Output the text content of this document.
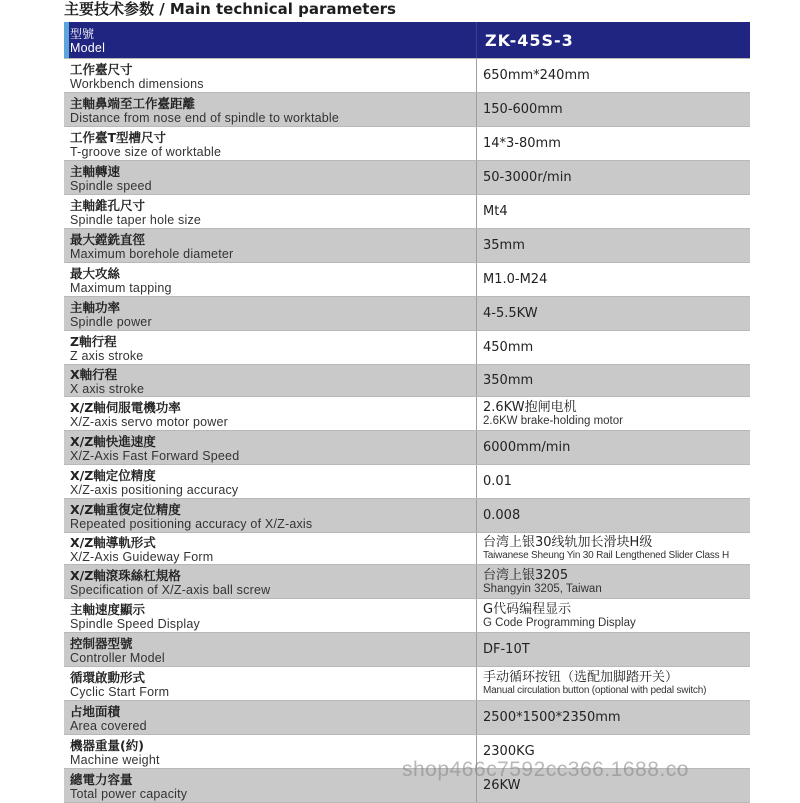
主要技术参数 / Main technical parameters
型號
Model	ZK-45S-3
工作臺尺寸
Workbench dimensions
650mm*240mm
主軸鼻端至工作臺距離
Distance from nose end of spindle to worktable
150-600mm
工作臺T型槽尺寸
T-groove size of worktable
14*3-80mm
主軸轉速
Spindle speed
50-3000r/min
主軸錐孔尺寸
Spindle taper hole size
Mt4
最大鏜銑直徑
Maximum borehole diameter
35mm
最大攻絲
Maximum tapping
M1.0-M24
主軸功率
Spindle power
4-5.5KW
Z軸行程
Z axis stroke
450mm
X軸行程
X axis stroke
350mm
X/Z軸伺服電機功率
X/Z-axis servo motor power
2.6KW抱闸电机
2.6KW brake-holding motor
X/Z軸快進速度
X/Z-Axis Fast Forward Speed
6000mm/min
X/Z軸定位精度
X/Z-axis positioning accuracy
0.01
X/Z軸重復定位精度
Repeated positioning accuracy of X/Z-axis
0.008
X/Z軸導軌形式
X/Z-Axis Guideway Form
台湾上银30线轨加长滑块H级
Taiwanese Sheung Yin 30 Rail Lengthened Slider Class H
X/Z軸滾珠絲杠規格
Specification of X/Z-axis ball screw
台湾上银3205
Shangyin 3205, Taiwan
主軸速度顯示
Spindle Speed Display
G代码编程显示
G Code Programming Display
控制器型號
Controller Model
DF-10T
循環啟動形式
Cyclic Start Form
手动循环按钮（选配加脚踏开关）
Manual circulation button (optional with pedal switch)
占地面積
Area covered
2500*1500*2350mm
機器重量(約)
Machine weight
2300KG
總電力容量
Total power capacity
26KW
shop466c7592cc366.1688.co
